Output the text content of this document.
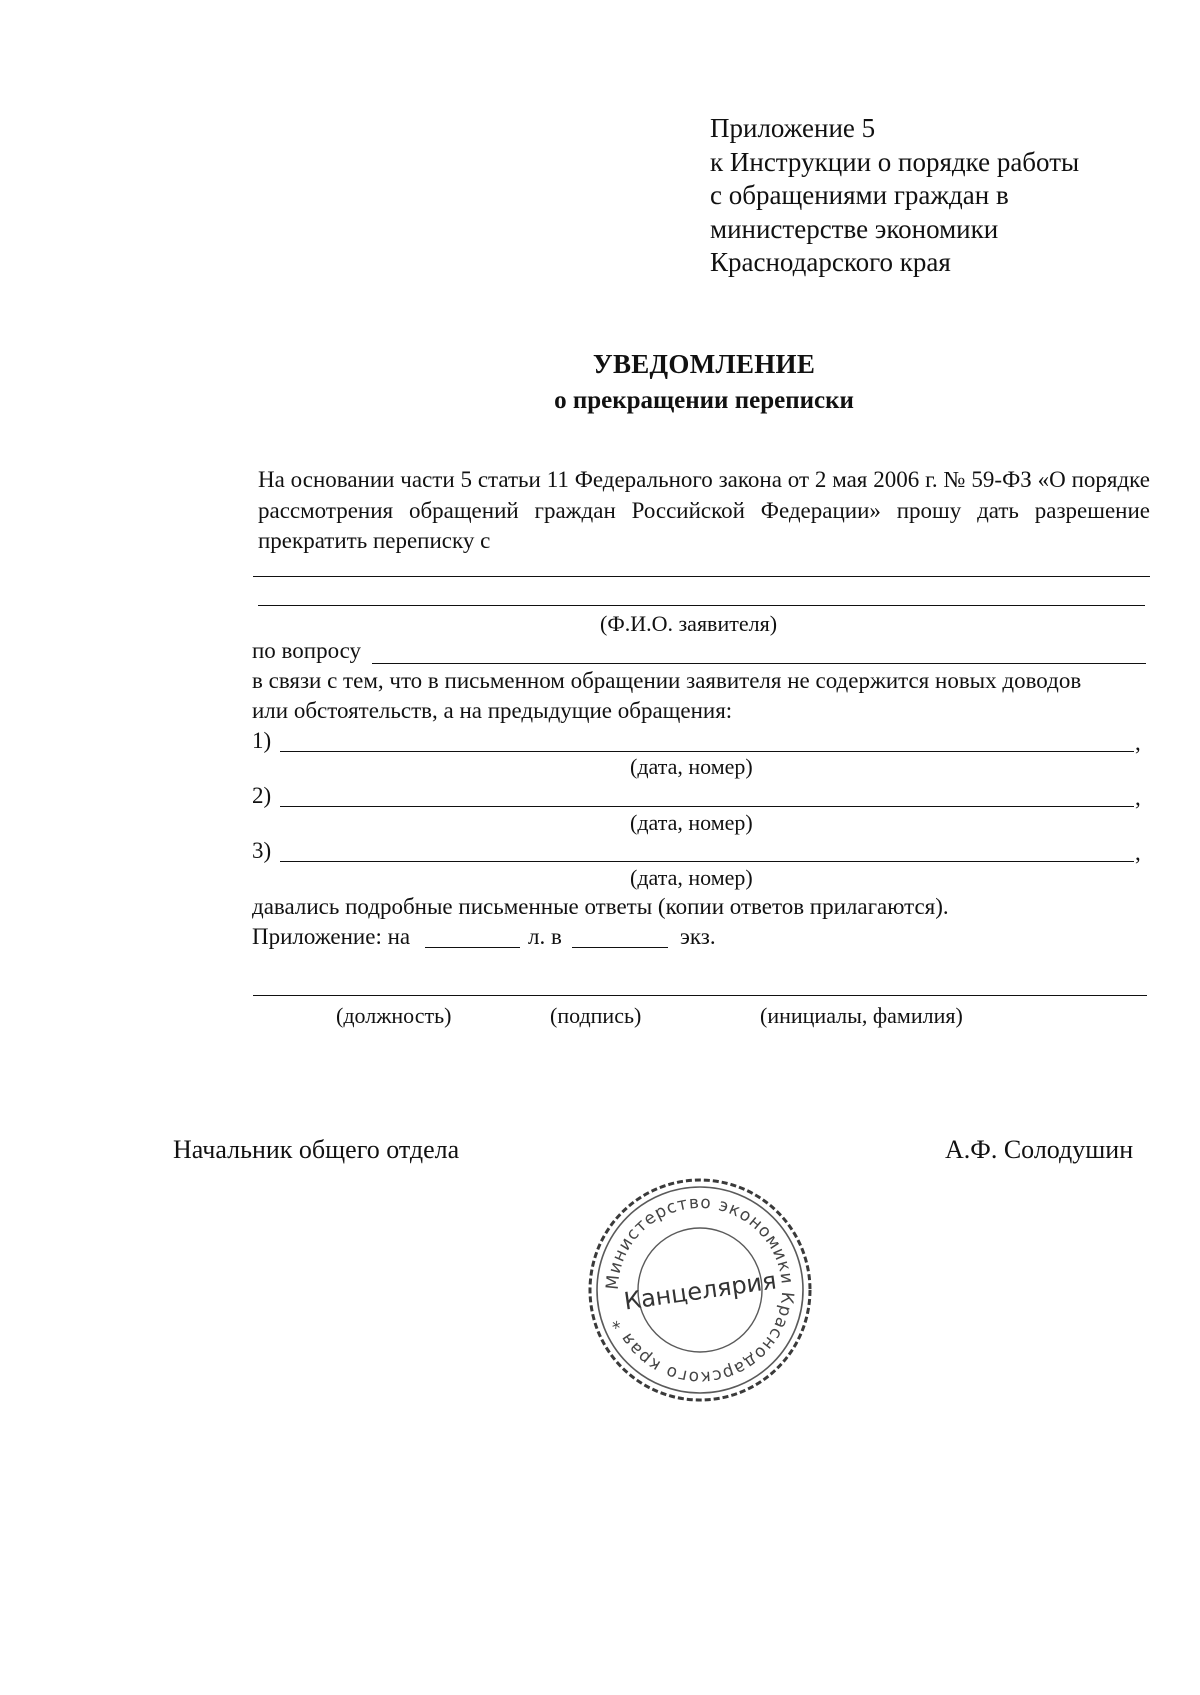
Приложение 5
к Инструкции о порядке работы
с обращениями граждан в
министерстве экономики
Краснодарского края
УВЕДОМЛЕНИЕ
о прекращении переписки
На основании части 5 статьи 11 Федерального закона от 2 мая 2006 г. № 59-ФЗ «О порядке рассмотрения обращений граждан Российской Федерации» прошу дать разрешение прекратить переписку с
(Ф.И.О. заявителя)
по вопросу
в связи с тем, что в письменном обращении заявителя не содержится новых доводов
или обстоятельств, а на предыдущие обращения:
1)	,
(дата, номер)
2)	,
(дата, номер)
3)	,
(дата, номер)
давались подробные письменные ответы (копии ответов прилагаются).
Приложение: на	л. в	экз.
(должность)	(подпись)	(инициалы, фамилия)
Начальник общего отдела	А.Ф. Солодушин
Министерство экономики Краснодарского края *
Канцелярия
